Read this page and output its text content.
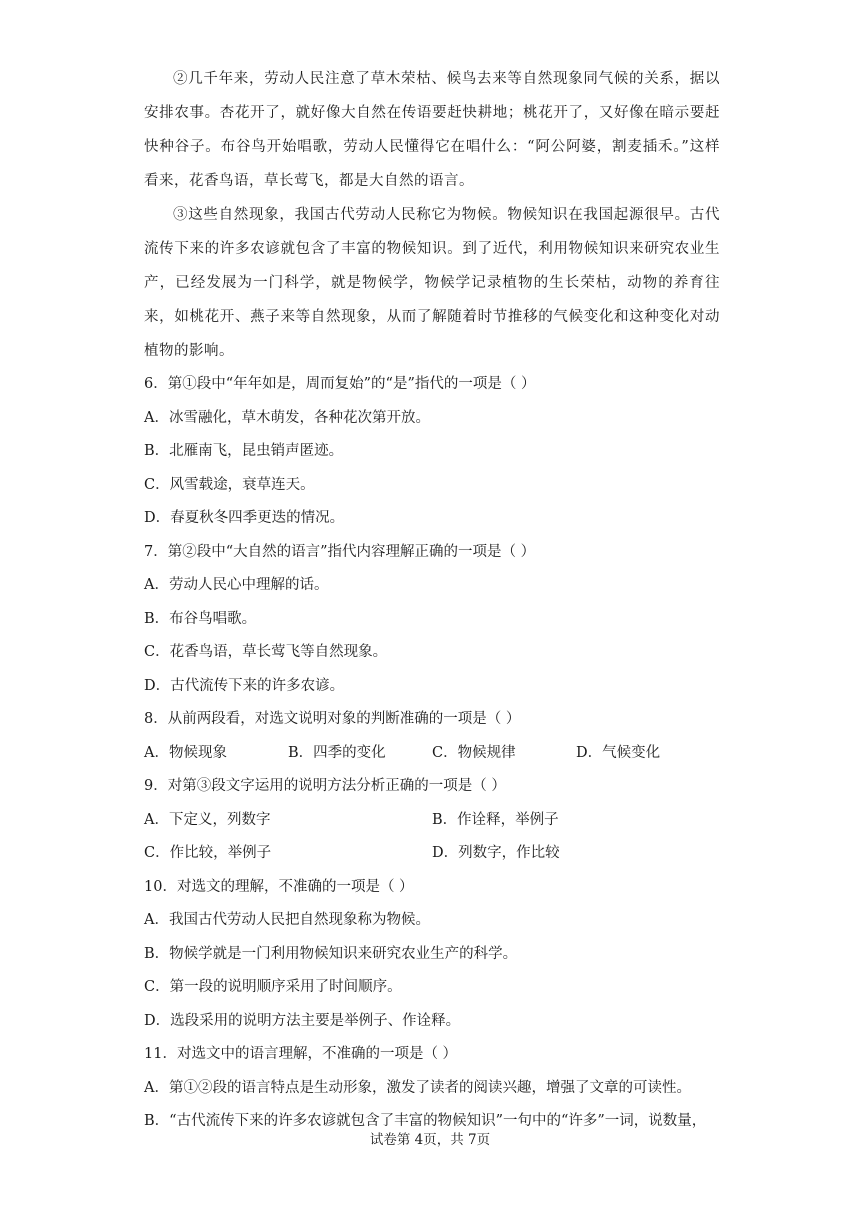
②几千年来，劳动人民注意了草木荣枯、候鸟去来等自然现象同气候的关系，据以安排农事。杏花开了，就好像大自然在传语要赶快耕地；桃花开了，又好像在暗示要赶快种谷子。布谷鸟开始唱歌，劳动人民懂得它在唱什么：“阿公阿婆，割麦插禾。”这样看来，花香鸟语，草长莺飞，都是大自然的语言。

③这些自然现象，我国古代劳动人民称它为物候。物候知识在我国起源很早。古代流传下来的许多农谚就包含了丰富的物候知识。到了近代，利用物候知识来研究农业生产，已经发展为一门科学，就是物候学，物候学记录植物的生长荣枯，动物的养育往来，如桃花开、燕子来等自然现象，从而了解随着时节推移的气候变化和这种变化对动植物的影响。

6．第①段中“年年如是，周而复始”的“是”指代的一项是（ ）

A．冰雪融化，草木萌发，各种花次第开放。

B．北雁南飞，昆虫销声匿迹。

C．风雪载途，衰草连天。

D．春夏秋冬四季更迭的情况。

7．第②段中“大自然的语言”指代内容理解正确的一项是（ ）

A．劳动人民心中理解的话。

B．布谷鸟唱歌。

C．花香鸟语，草长莺飞等自然现象。

D．古代流传下来的许多农谚。

8．从前两段看，对选文说明对象的判断准确的一项是（ ）

A．物候现象	B．四季的变化	C．物候规律	D．气候变化

9．对第③段文字运用的说明方法分析正确的一项是（ ）

A．下定义，列数字	B．作诠释，举例子

C．作比较，举例子	D．列数字，作比较

10．对选文的理解，不准确的一项是（ ）

A．我国古代劳动人民把自然现象称为物候。

B．物候学就是一门利用物候知识来研究农业生产的科学。

C．第一段的说明顺序采用了时间顺序。

D．选段采用的说明方法主要是举例子、作诠释。

11．对选文中的语言理解，不准确的一项是（ ）

A．第①②段的语言特点是生动形象，激发了读者的阅读兴趣，增强了文章的可读性。

B．“古代流传下来的许多农谚就包含了丰富的物候知识”一句中的“许多”一词，说数量，

试卷第 4页，共 7页
